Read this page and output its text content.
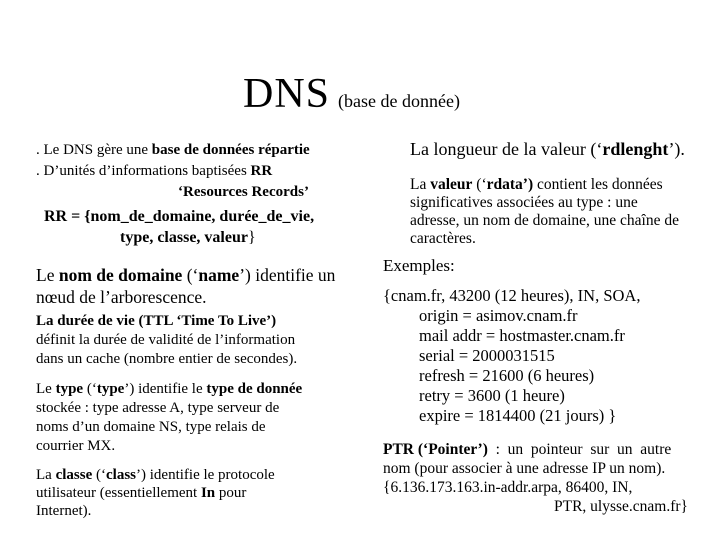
DNS (base de donnée)
. Le DNS gère une base de données répartie
. D’unités d’informations baptisées RR
‘Resources Records’
RR = {nom_de_domaine, durée_de_vie,
type, classe, valeur}
Le nom de domaine (‘name’) identifie un
nœud de l’arborescence.
La durée de vie (TTL ‘Time To Live’)
définit la durée de validité de l’information
dans un cache (nombre entier de secondes).
Le type (‘type’) identifie le type de donnée
stockée : type adresse A, type serveur de
noms d’un domaine NS, type relais de
courrier MX.
La classe (‘class’) identifie le protocole
utilisateur (essentiellement In pour
Internet).
La longueur de la valeur (‘rdlenght’).
La valeur (‘rdata’) contient les données
significatives associées au type : une
adresse, un nom de domaine, une chaîne de
caractères.
Exemples:
{cnam.fr, 43200 (12 heures), IN, SOA,
origin = asimov.cnam.fr
mail addr = hostmaster.cnam.fr
serial = 2000031515
refresh = 21600 (6 heures)
retry = 3600 (1 heure)
expire = 1814400 (21 jours) }
PTR (‘Pointer’)  :  un  pointeur  sur  un  autre
nom (pour associer à une adresse IP un nom).
{6.136.173.163.in-addr.arpa, 86400, IN,
PTR, ulysse.cnam.fr}
